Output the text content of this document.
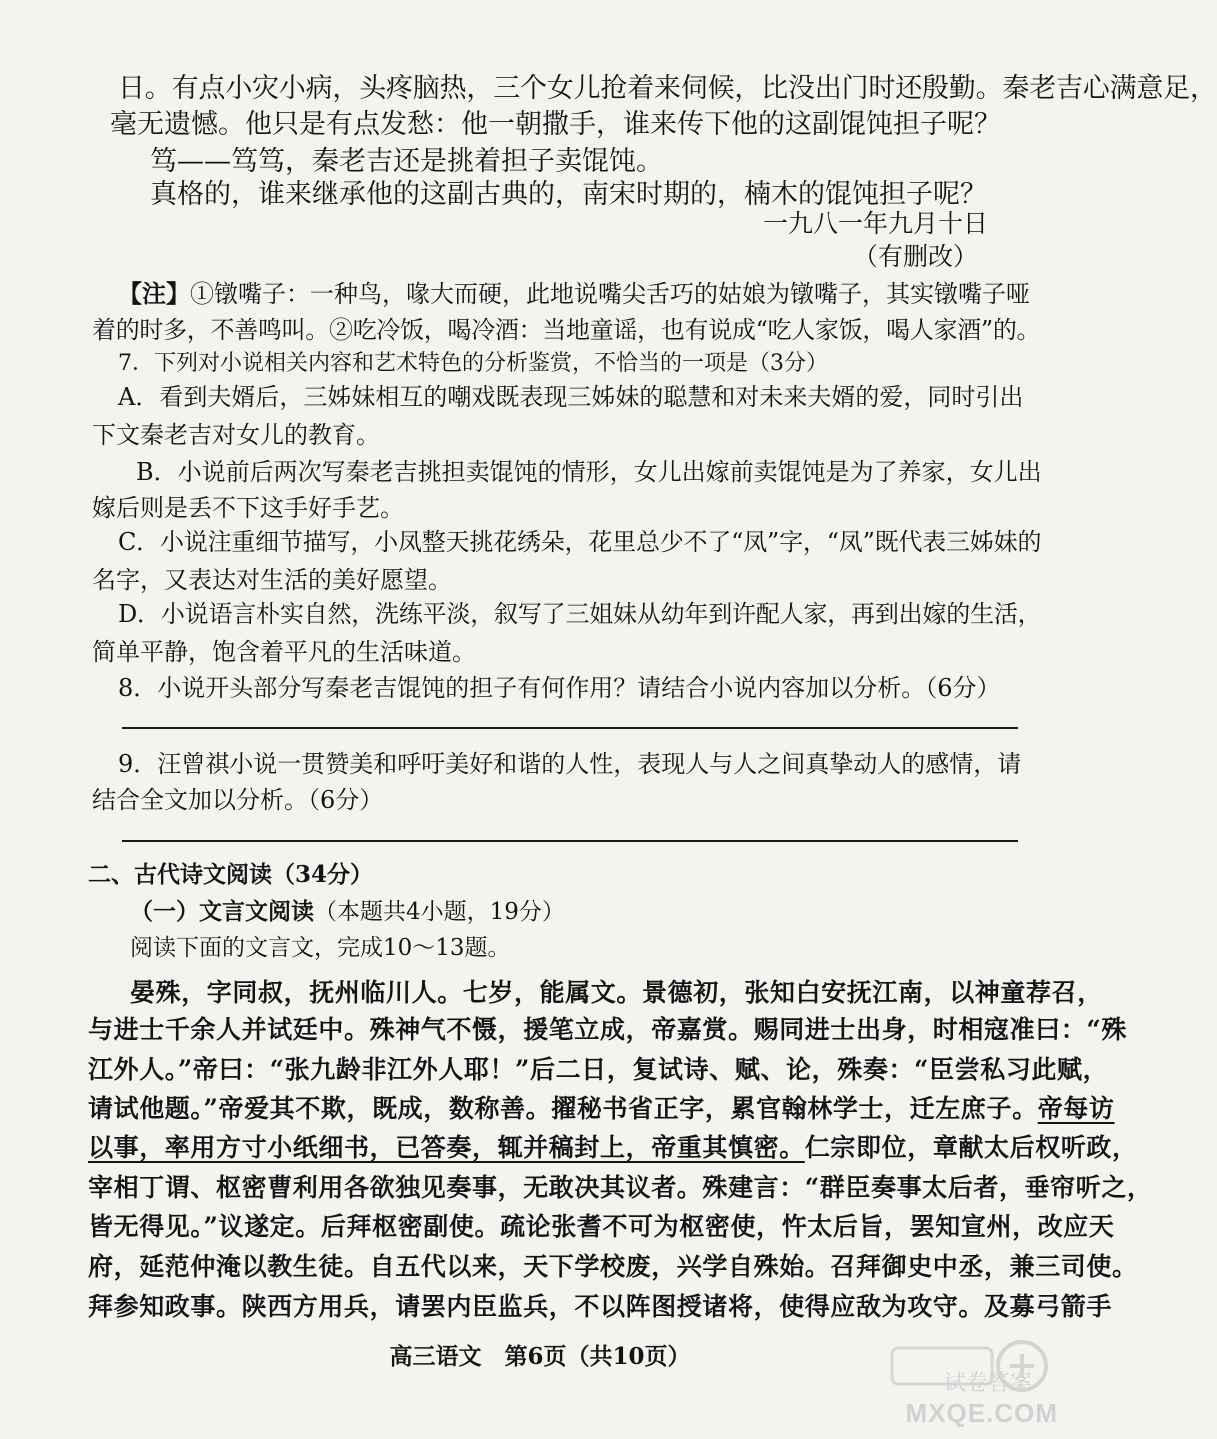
日。有点小灾小病，头疼脑热，三个女儿抢着来伺候，比没出门时还殷勤。秦老吉心满意足，
毫无遗憾。他只是有点发愁：他一朝撒手，谁来传下他的这副馄饨担子呢？
笃——笃笃，秦老吉还是挑着担子卖馄饨。
真格的，谁来继承他的这副古典的，南宋时期的，楠木的馄饨担子呢？
一九八一年九月十日
（有删改）
【注】①镦嘴子：一种鸟，喙大而硬，此地说嘴尖舌巧的姑娘为镦嘴子，其实镦嘴子哑
着的时多，不善鸣叫。②吃冷饭，喝冷酒：当地童谣，也有说成“吃人家饭，喝人家酒”的。
7．下列对小说相关内容和艺术特色的分析鉴赏，不恰当的一项是（3分）
A．看到夫婿后，三姊妹相互的嘲戏既表现三姊妹的聪慧和对未来夫婿的爱，同时引出
下文秦老吉对女儿的教育。
B．小说前后两次写秦老吉挑担卖馄饨的情形，女儿出嫁前卖馄饨是为了养家，女儿出
嫁后则是丢不下这手好手艺。
C．小说注重细节描写，小凤整天挑花绣朵，花里总少不了“凤”字，“凤”既代表三姊妹的
名字，又表达对生活的美好愿望。
D．小说语言朴实自然，洗练平淡，叙写了三姐妹从幼年到许配人家，再到出嫁的生活，
简单平静，饱含着平凡的生活味道。
8．小说开头部分写秦老吉馄饨的担子有何作用？请结合小说内容加以分析。（6分）
9．汪曾祺小说一贯赞美和呼吁美好和谐的人性，表现人与人之间真挚动人的感情，请
结合全文加以分析。（6分）
二、古代诗文阅读（34分）
（一）文言文阅读（本题共4小题，19分）
阅读下面的文言文，完成10～13题。
晏殊，字同叔，抚州临川人。七岁，能属文。景德初，张知白安抚江南，以神童荐召，
与进士千余人并试廷中。殊神气不慑，援笔立成，帝嘉赏。赐同进士出身，时相寇准曰：“殊
江外人。”帝曰：“张九龄非江外人耶！”后二日，复试诗、赋、论，殊奏：“臣尝私习此赋，
请试他题。”帝爱其不欺，既成，数称善。擢秘书省正字，累官翰林学士，迁左庶子。帝每访
以事，率用方寸小纸细书，已答奏，辄并稿封上，帝重其慎密。仁宗即位，章献太后权听政，
宰相丁谓、枢密曹利用各欲独见奏事，无敢决其议者。殊建言：“群臣奏事太后者，垂帘听之，
皆无得见。”议遂定。后拜枢密副使。疏论张耆不可为枢密使，忤太后旨，罢知宣州，改应天
府，延范仲淹以教生徒。自五代以来，天下学校废，兴学自殊始。召拜御史中丞，兼三司使。
拜参知政事。陕西方用兵，请罢内臣监兵，不以阵图授诸将，使得应敌为攻守。及募弓箭手
高三语文　第6页（共10页）
试卷答案
MXQE.COM
